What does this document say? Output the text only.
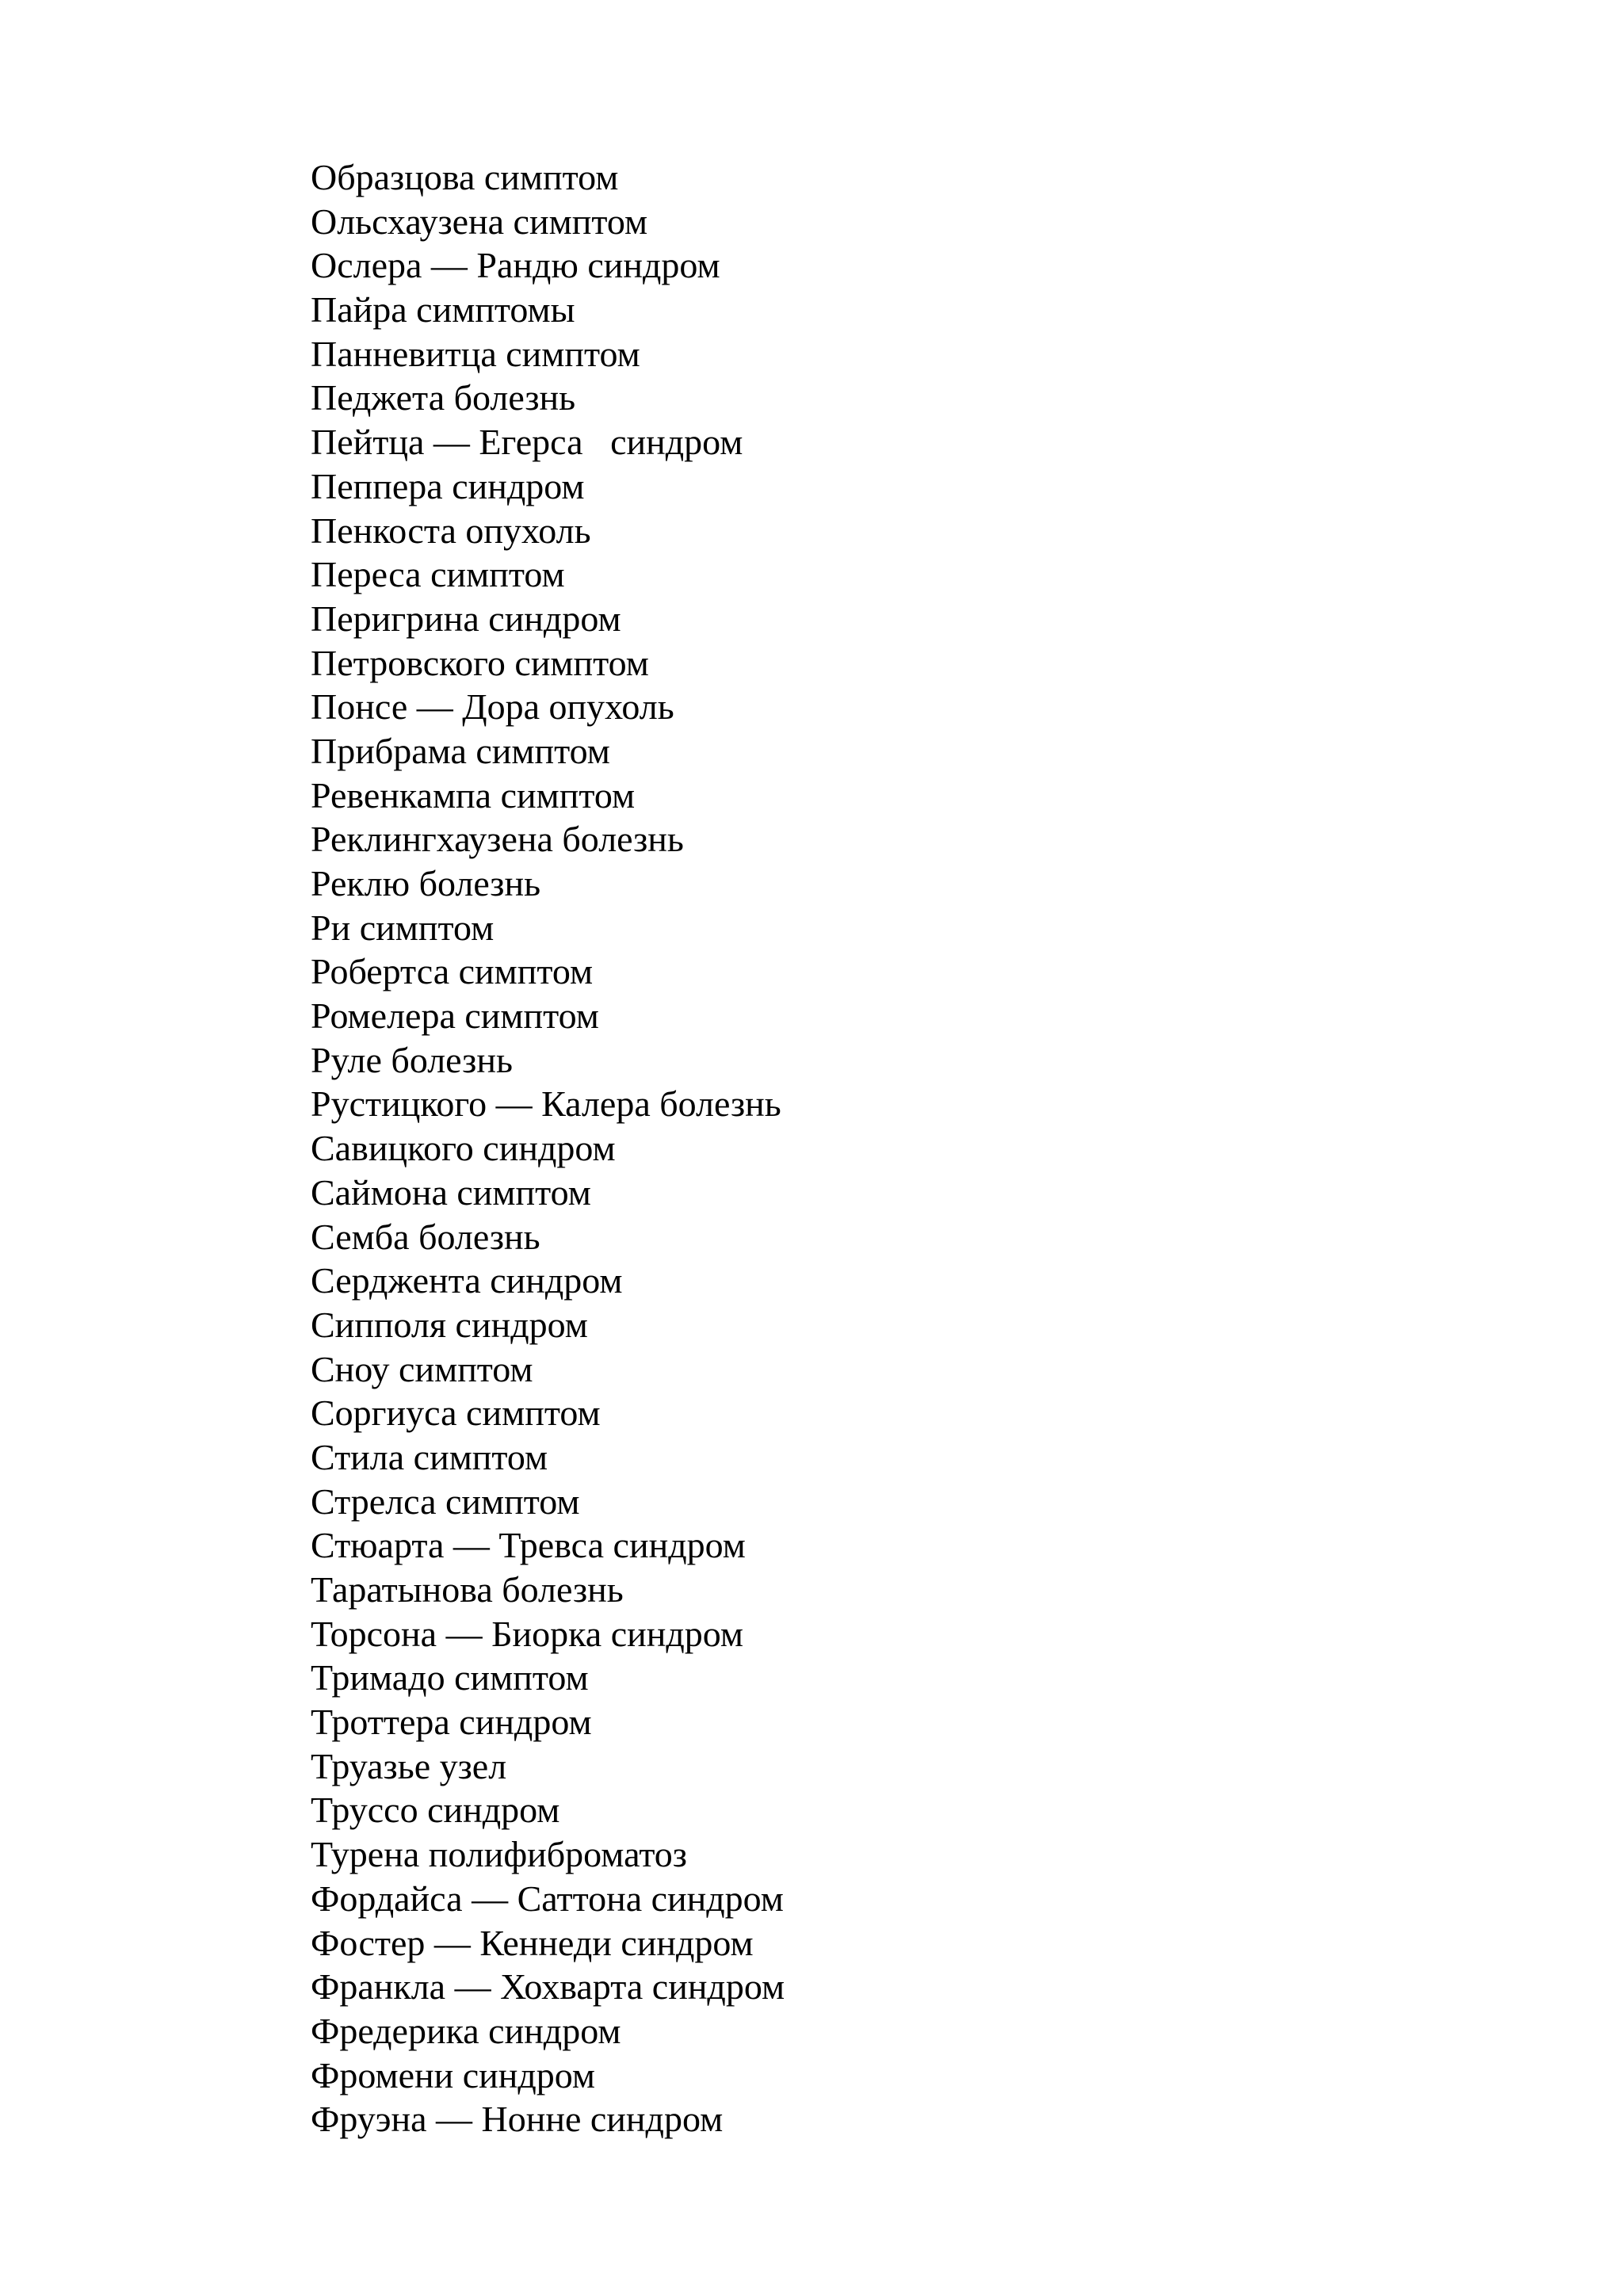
Образцова симптом
Ольсхаузена симптом
Ослера — Рандю синдром
Пайра симптомы
Панневитца симптом
Педжета болезнь
Пейтца — Егерса   синдром
Пеппера синдром
Пенкоста опухоль
Переса симптом
Перигрина синдром
Петровского симптом
Понсе — Дора опухоль
Прибрама симптом
Ревенкампа симптом
Реклингхаузена болезнь
Реклю болезнь
Ри симптом
Робертса симптом
Ромелера симптом
Руле болезнь
Рустицкого — Калера болезнь
Савицкого синдром
Саймона симптом
Семба болезнь
Серджента синдром
Сипполя синдром
Сноу симптом
Соргиуса симптом
Стила симптом
Стрелса симптом
Стюарта — Тревса синдром
Таратынова болезнь
Торсона — Биорка синдром
Тримадо симптом
Троттера синдром
Труазье узел
Труссо синдром
Турена полифиброматоз
Фордайса — Саттона синдром
Фостер — Кеннеди синдром
Франкла — Хохварта синдром
Фредерика синдром
Фромени синдром
Фруэна — Нонне синдром
